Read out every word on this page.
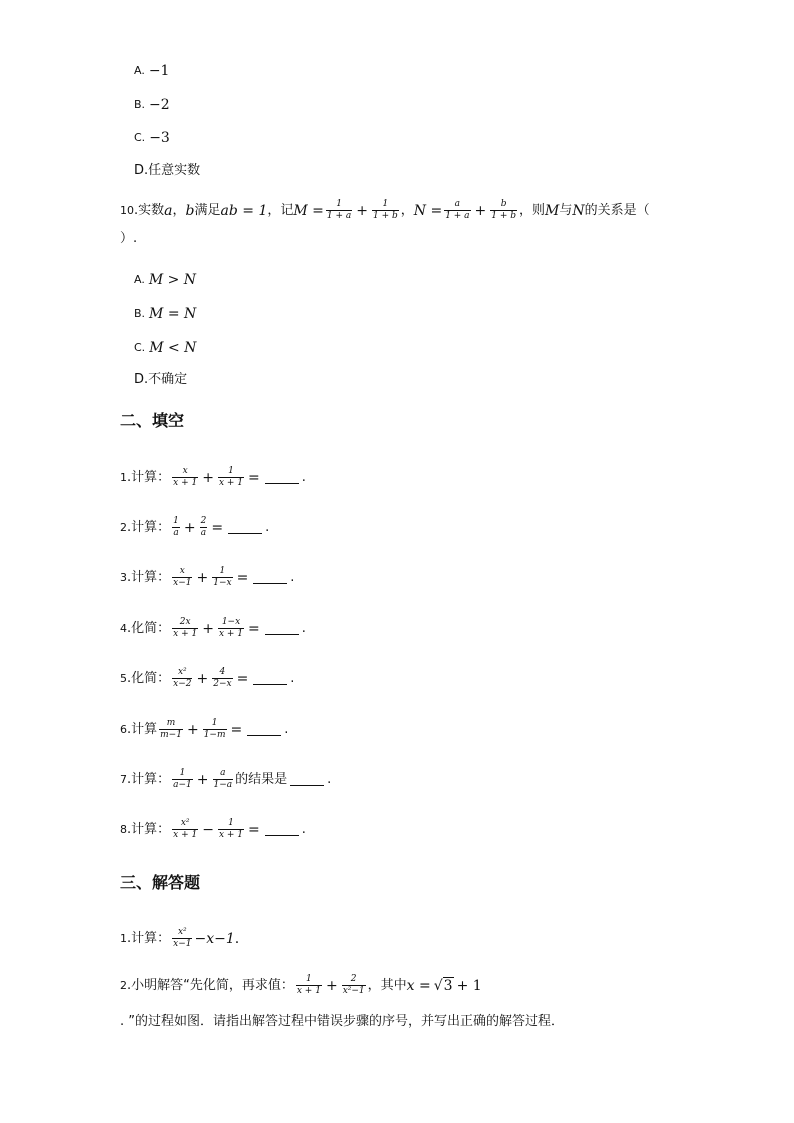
A. −1
B. −2
C. −3
D. 任意实数
10 .实数 a ， b 满足 ab = 1 ，记 $M = \frac{1}{1 + a} + \frac{1}{1 + b}$ ， $N = \frac{a}{1 + a} + \frac{b}{1 + b}$ ，则 M 与 N 的关系是（
）.
A. M > N
B. M = N
C. M < N
D. 不确定
二、填空
1 .计算： $\frac{x}{x + 1} + \frac{1}{x + 1}$ =	.
2 .计算： $\frac{1}{a} + \frac{2}{a}$ =	.
3 .计算： $\frac{x}{x-1} + \frac{1}{1-x}$ =	.
4 .化简： $\frac{2x}{x + 1} + \frac{1-x}{x + 1}$ =	.
5 .化简： $\frac{\text{x²}}{x-2} + \frac{4}{2-x}$ =	.
6 .计算 $\frac{m}{m-1} + \frac{1}{1-m}$ =	.
7 .计算： $\frac{1}{a-1} + \frac{a}{1-a}$ 的结果是	.
8 .计算： $\frac{\text{x²}}{x + 1} - \frac{1}{x + 1}$ =	.
三、解答题
1 .计算： $\frac{\text{x²}}{x-1} -x-1$ .
2 .小明解答“先化简，再求值： $\frac{1}{x + 1} + \frac{2}{\text{x²−1}}$ ，其中 x = √3 + 1
. ”的过程如图．请指出解答过程中错误步骤的序号，并写出正确的解答过程．
